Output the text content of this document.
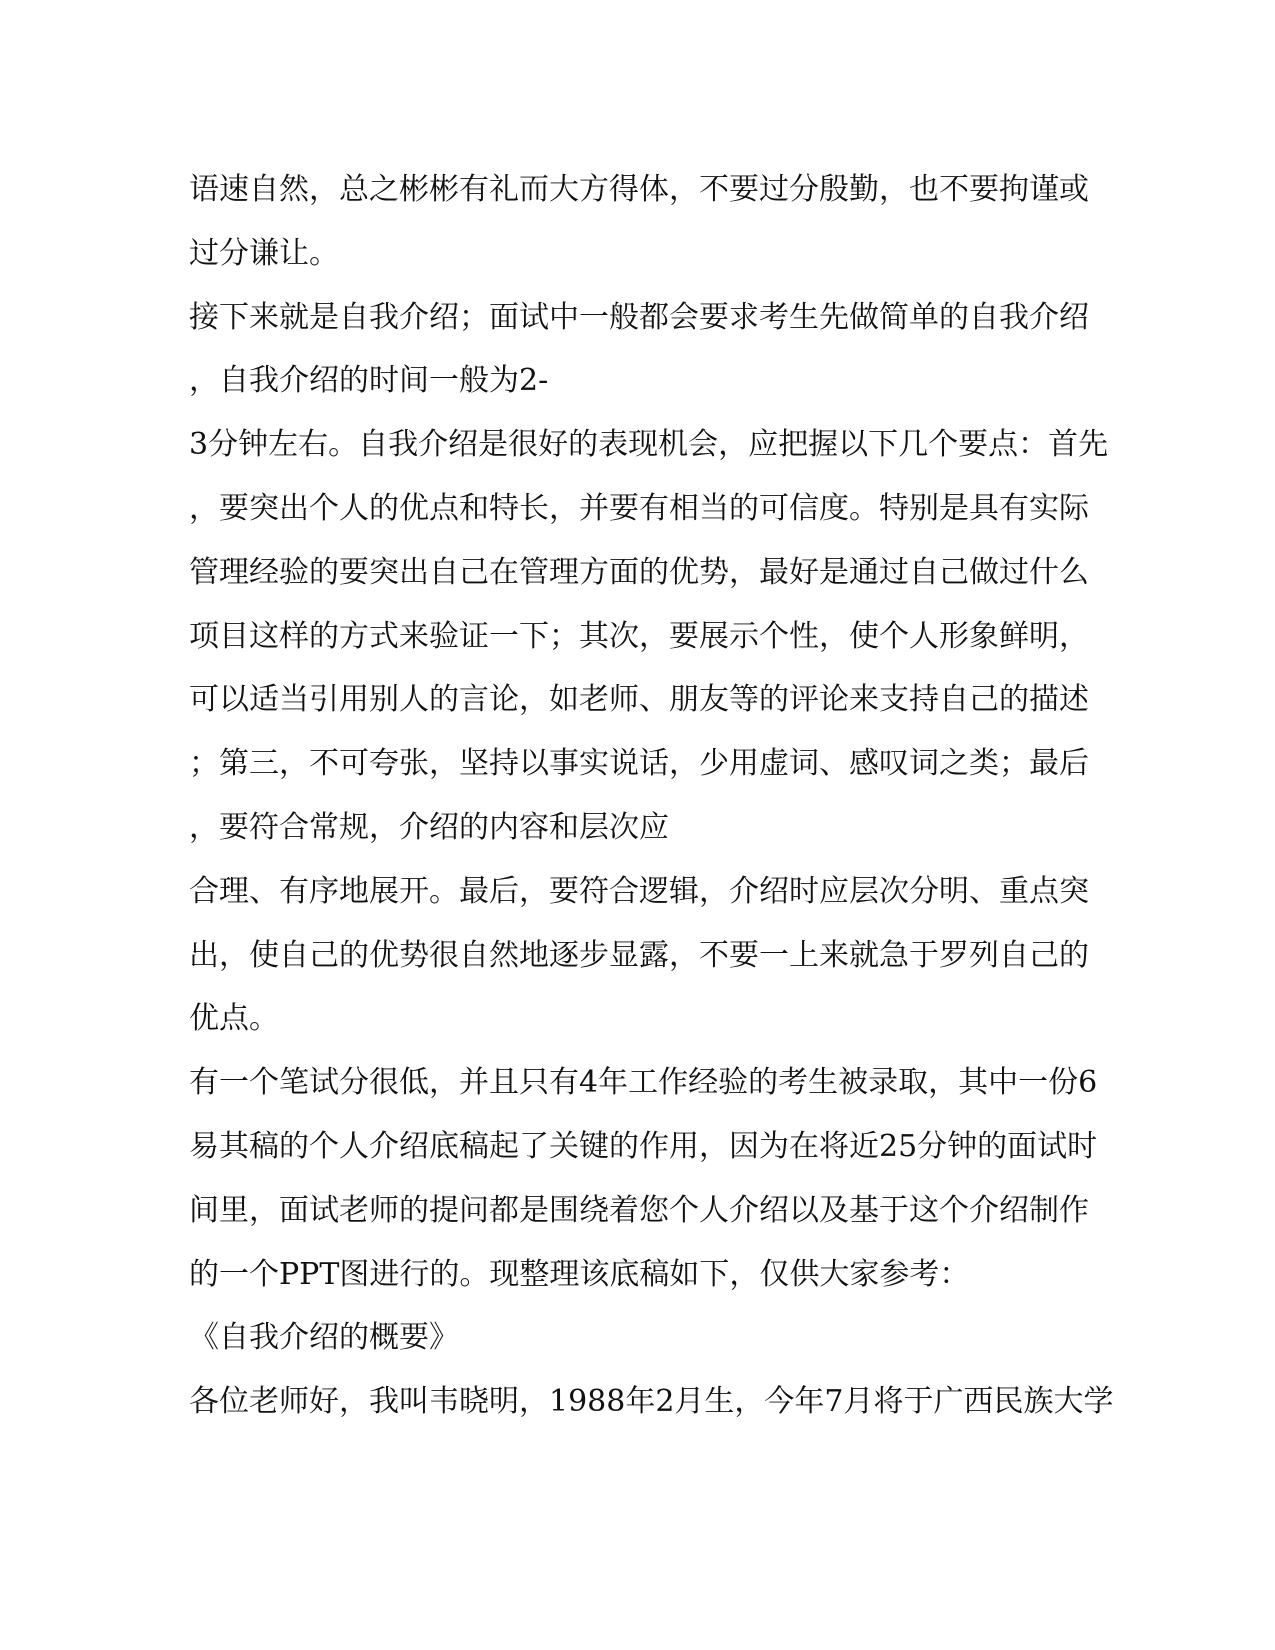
语速自然，总之彬彬有礼而大方得体，不要过分殷勤，也不要拘谨或
过分谦让。
接下来就是自我介绍；面试中一般都会要求考生先做简单的自我介绍
，自我介绍的时间一般为2-
3分钟左右。自我介绍是很好的表现机会，应把握以下几个要点：首先
，要突出个人的优点和特长，并要有相当的可信度。特别是具有实际
管理经验的要突出自己在管理方面的优势，最好是通过自己做过什么
项目这样的方式来验证一下；其次，要展示个性，使个人形象鲜明，
可以适当引用别人的言论，如老师、朋友等的评论来支持自己的描述
；第三，不可夸张，坚持以事实说话，少用虚词、感叹词之类；最后
，要符合常规，介绍的内容和层次应
合理、有序地展开。最后，要符合逻辑，介绍时应层次分明、重点突
出，使自己的优势很自然地逐步显露，不要一上来就急于罗列自己的
优点。
有一个笔试分很低，并且只有4年工作经验的考生被录取，其中一份6
易其稿的个人介绍底稿起了关键的作用，因为在将近25分钟的面试时
间里，面试老师的提问都是围绕着您个人介绍以及基于这个介绍制作
的一个PPT图进行的。现整理该底稿如下，仅供大家参考：
《自我介绍的概要》
各位老师好，我叫韦晓明，1988年2月生，今年7月将于广西民族大学
